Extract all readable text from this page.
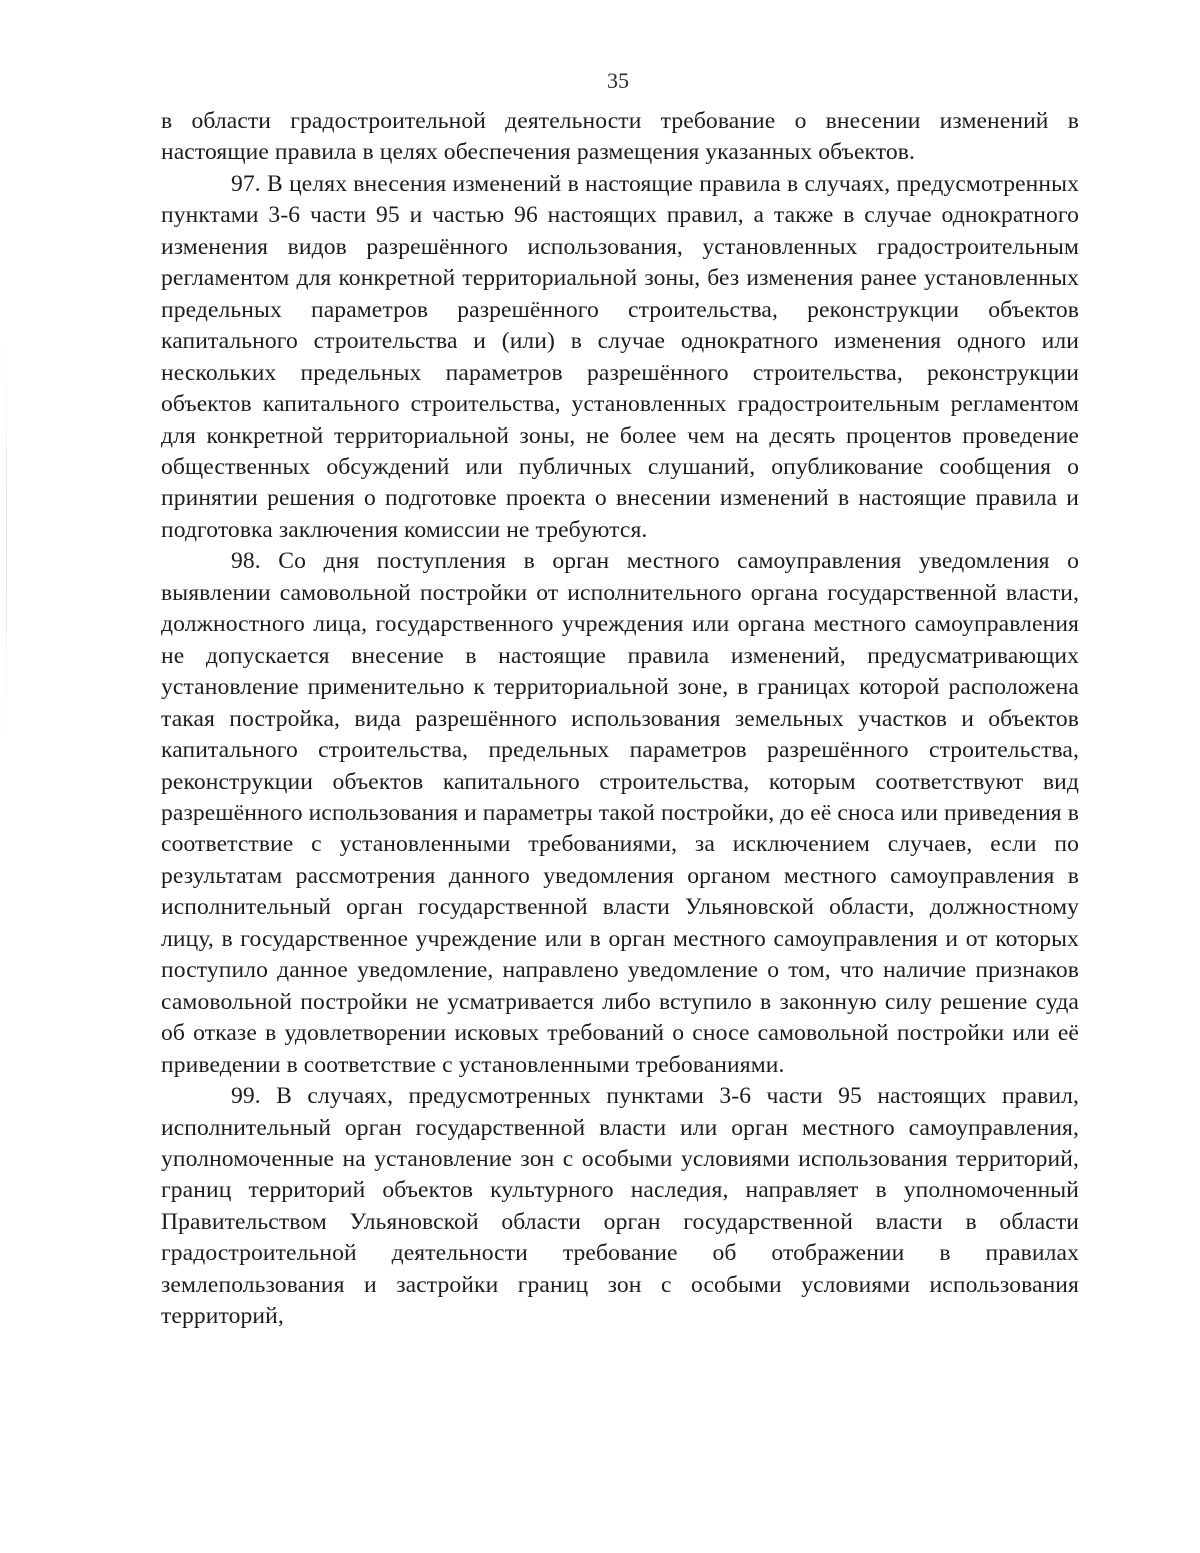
35

в области градостроительной деятельности требование о внесении изменений в настоящие правила в целях обеспечения размещения указанных объектов.

97. В целях внесения изменений в настоящие правила в случаях, предусмотренных пунктами 3-6 части 95 и частью 96 настоящих правил, а также в случае однократного изменения видов разрешённого использования, установленных градостроительным регламентом для конкретной территориальной зоны, без изменения ранее установленных предельных параметров разрешённого строительства, реконструкции объектов капитального строительства и (или) в случае однократного изменения одного или нескольких предельных параметров разрешённого строительства, реконструкции объектов капитального строительства, установленных градостроительным регламентом для конкретной территориальной зоны, не более чем на десять процентов проведение общественных обсуждений или публичных слушаний, опубликование сообщения о принятии решения о подготовке проекта о внесении изменений в настоящие правила и подготовка заключения комиссии не требуются.

98. Со дня поступления в орган местного самоуправления уведомления о выявлении самовольной постройки от исполнительного органа государственной власти, должностного лица, государственного учреждения или органа местного самоуправления не допускается внесение в настоящие правила изменений, предусматривающих установление применительно к территориальной зоне, в границах которой расположена такая постройка, вида разрешённого использования земельных участков и объектов капитального строительства, предельных параметров разрешённого строительства, реконструкции объектов капитального строительства, которым соответствуют вид разрешённого использования и параметры такой постройки, до её сноса или приведения в соответствие с установленными требованиями, за исключением случаев, если по результатам рассмотрения данного уведомления органом местного самоуправления в исполнительный орган государственной власти Ульяновской области, должностному лицу, в государственное учреждение или в орган местного самоуправления и от которых поступило данное уведомление, направлено уведомление о том, что наличие признаков самовольной постройки не усматривается либо вступило в законную силу решение суда об отказе в удовлетворении исковых требований о сносе самовольной постройки или её приведении в соответствие с установленными требованиями.

99. В случаях, предусмотренных пунктами 3-6 части 95 настоящих правил, исполнительный орган государственной власти или орган местного самоуправления, уполномоченные на установление зон с особыми условиями использования территорий, границ территорий объектов культурного наследия, направляет в уполномоченный Правительством Ульяновской области орган государственной власти в области градостроительной деятельности требование об отображении в правилах землепользования и застройки границ зон с особыми условиями использования территорий,
